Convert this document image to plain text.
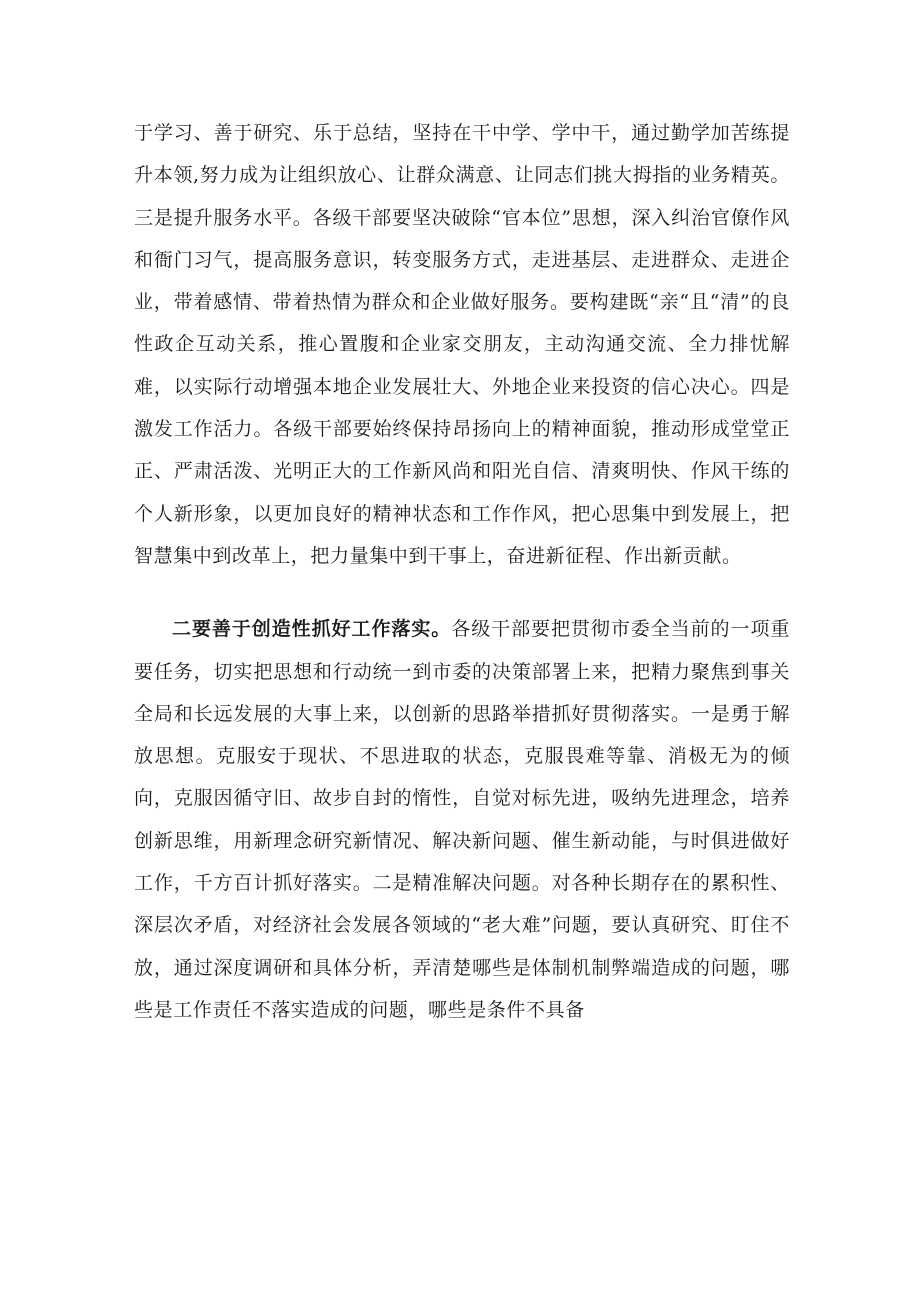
于学习、善于研究、乐于总结，坚持在干中学、学中干，通过勤学加苦练提升本领,努力成为让组织放心、让群众满意、让同志们挑大拇指的业务精英。三是提升服务水平。各级干部要坚决破除“官本位”思想，深入纠治官僚作风和衙门习气，提高服务意识，转变服务方式，走进基层、走进群众、走进企业，带着感情、带着热情为群众和企业做好服务。要构建既“亲“且“清”的良性政企互动关系，推心置腹和企业家交朋友，主动沟通交流、全力排忧解难，以实际行动增强本地企业发展壮大、外地企业来投资的信心决心。四是激发工作活力。各级干部要始终保持昂扬向上的精神面貌，推动形成堂堂正正、严肃活泼、光明正大的工作新风尚和阳光自信、清爽明快、作风干练的个人新形象，以更加良好的精神状态和工作作风，把心思集中到发展上，把智慧集中到改革上，把力量集中到干事上，奋进新征程、作出新贡献。

二要善于创造性抓好工作落实。各级干部要把贯彻市委全当前的一项重要任务，切实把思想和行动统一到市委的决策部署上来，把精力聚焦到事关全局和长远发展的大事上来，以创新的思路举措抓好贯彻落实。一是勇于解放思想。克服安于现状、不思进取的状态，克服畏难等靠、消极无为的倾向，克服因循守旧、故步自封的惰性，自觉对标先进，吸纳先进理念，培养创新思维，用新理念研究新情况、解决新问题、催生新动能，与时俱进做好工作，千方百计抓好落实。二是精准解决问题。对各种长期存在的累积性、深层次矛盾，对经济社会发展各领域的“老大难”问题，要认真研究、盯住不放，通过深度调研和具体分析，弄清楚哪些是体制机制弊端造成的问题，哪些是工作责任不落实造成的问题，哪些是条件不具备
